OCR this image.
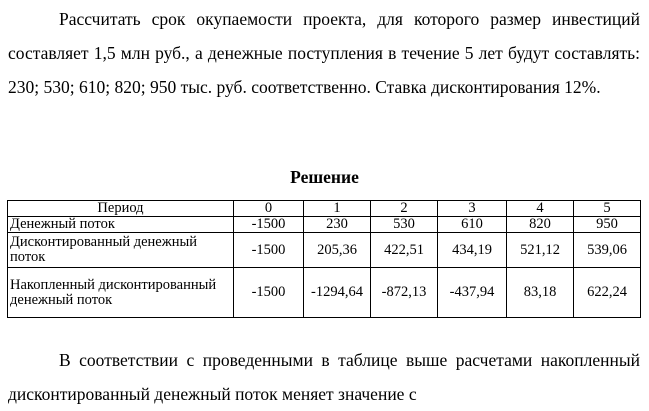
Рассчитать срок окупаемости проекта, для которого размер инвестиций составляет 1,5 млн руб., а денежные поступления в течение 5 лет будут составлять: 230; 530; 610; 820; 950 тыс. руб. соответственно. Ставка дисконтирования 12%.

Решение

Период	0	1	2	3	4	5
Денежный поток	-1500	230	530	610	820	950
Дисконтированный денежный поток	-1500	205,36	422,51	434,19	521,12	539,06
Накопленный дисконтированный денежный поток	-1500	-1294,64	-872,13	-437,94	83,18	622,24

В соответствии с проведенными в таблице выше расчетами накопленный дисконтированный денежный поток меняет значение с
